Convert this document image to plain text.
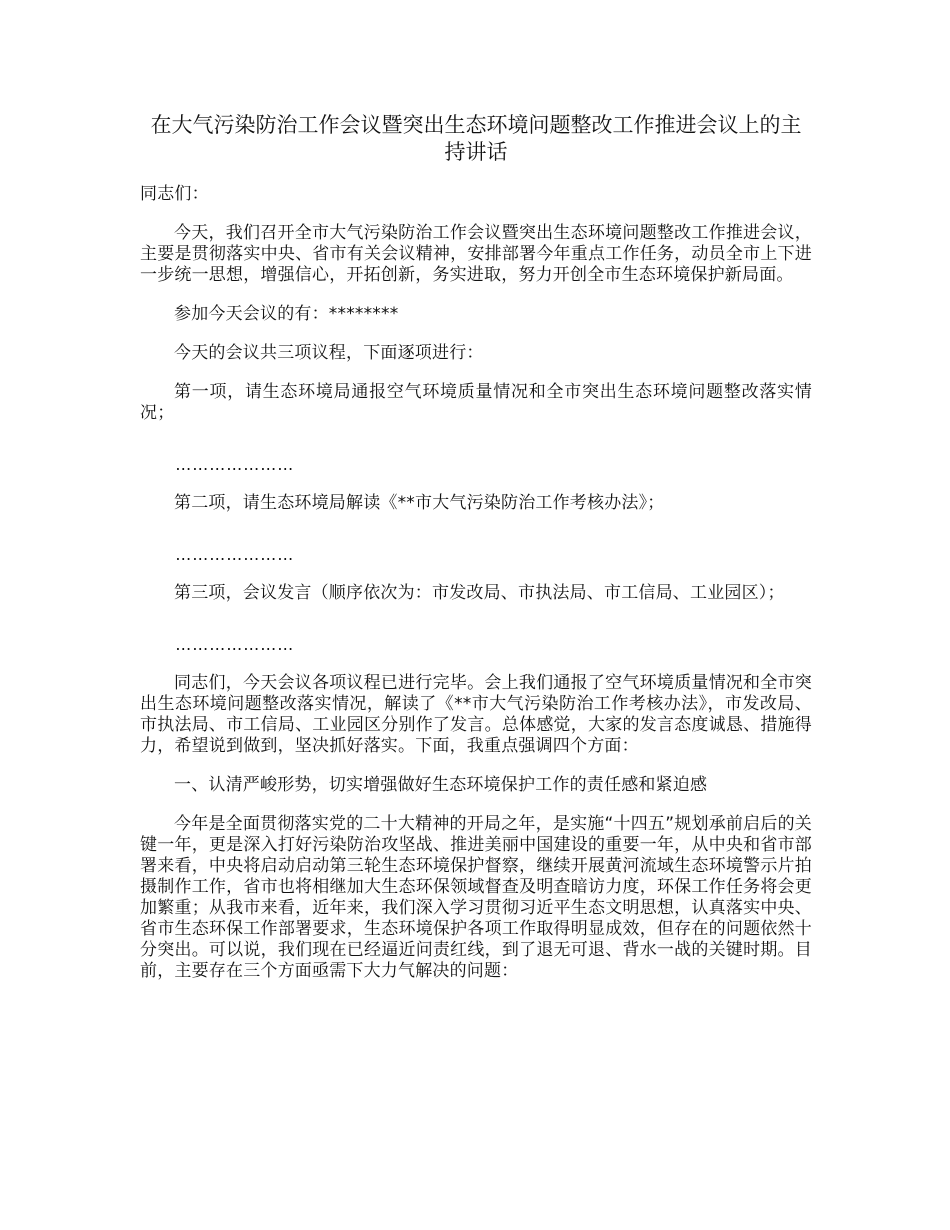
在大气污染防治工作会议暨突出生态环境问题整改工作推进会议上的主持讲话

同志们：

今天，我们召开全市大气污染防治工作会议暨突出生态环境问题整改工作推进会议，主要是贯彻落实中央、省市有关会议精神，安排部署今年重点工作任务，动员全市上下进一步统一思想，增强信心，开拓创新，务实进取，努力开创全市生态环境保护新局面。

参加今天会议的有：********

今天的会议共三项议程，下面逐项进行：

第一项，请生态环境局通报空气环境质量情况和全市突出生态环境问题整改落实情况；

…………………

第二项，请生态环境局解读《**市大气污染防治工作考核办法》；

…………………

第三项，会议发言（顺序依次为：市发改局、市执法局、市工信局、工业园区）；

…………………

同志们，今天会议各项议程已进行完毕。会上我们通报了空气环境质量情况和全市突出生态环境问题整改落实情况，解读了《**市大气污染防治工作考核办法》，市发改局、市执法局、市工信局、工业园区分别作了发言。总体感觉，大家的发言态度诚恳、措施得力，希望说到做到，坚决抓好落实。下面，我重点强调四个方面：

一、认清严峻形势，切实增强做好生态环境保护工作的责任感和紧迫感

今年是全面贯彻落实党的二十大精神的开局之年，是实施“十四五”规划承前启后的关键一年，更是深入打好污染防治攻坚战、推进美丽中国建设的重要一年，从中央和省市部署来看，中央将启动启动第三轮生态环境保护督察，继续开展黄河流域生态环境警示片拍摄制作工作，省市也将相继加大生态环保领域督查及明查暗访力度，环保工作任务将会更加繁重；从我市来看，近年来，我们深入学习贯彻习近平生态文明思想，认真落实中央、省市生态环保工作部署要求，生态环境保护各项工作取得明显成效，但存在的问题依然十分突出。可以说，我们现在已经逼近问责红线，到了退无可退、背水一战的关键时期。目前，主要存在三个方面亟需下大力气解决的问题：
